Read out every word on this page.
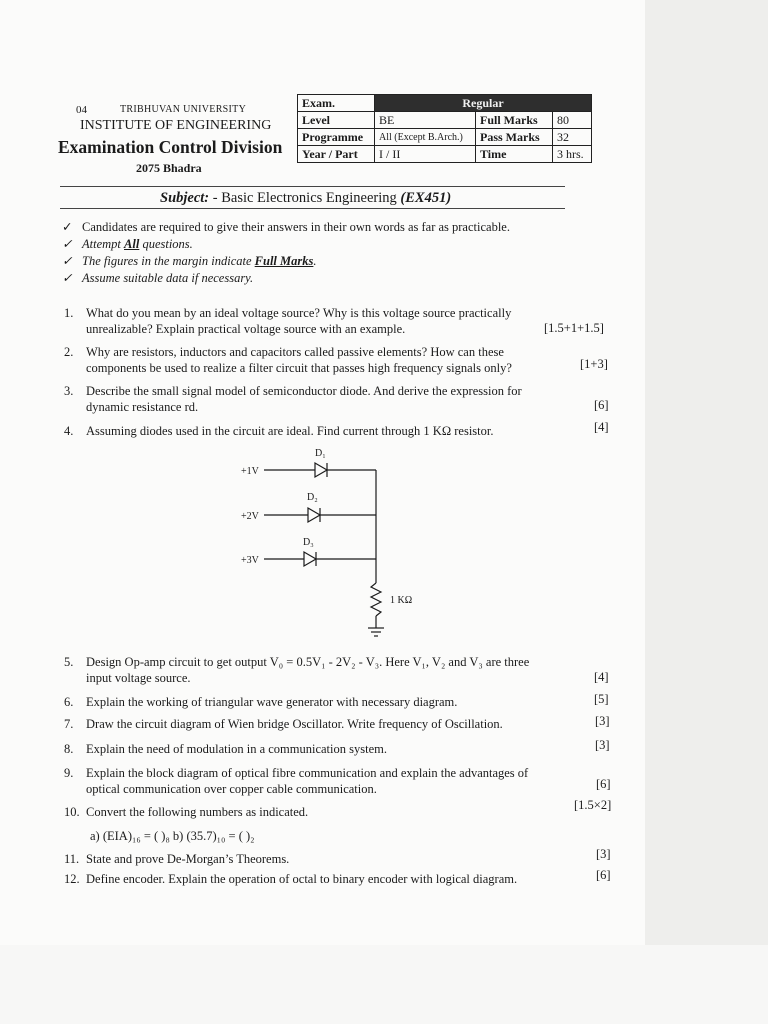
04	TRIBHUVAN UNIVERSITY
INSTITUTE OF ENGINEERING
Examination Control Division
2075 Bhadra
Exam.	Regular		
Level	BE	Full Marks	80
Programme	All (Except B.Arch.)	Pass Marks	32
Year / Part	I / II	Time	3 hrs.
Subject: - Basic Electronics Engineering (EX451)
✓ Candidates are required to give their answers in their own words as far as practicable.
✓ Attempt All questions.
✓ The figures in the margin indicate Full Marks.
✓ Assume suitable data if necessary.
1.	What do you mean by an ideal voltage source? Why is this voltage source practically
unrealizable? Explain practical voltage source with an example.	[1.5+1+1.5]
2.	Why are resistors, inductors and capacitors called passive elements? How can these
components be used to realize a filter circuit that passes high frequency signals only?	[1+3]
3.	Describe the small signal model of semiconductor diode. And derive the expression for
dynamic resistance rd.	[6]
4.	Assuming diodes used in the circuit are ideal. Find current through 1 KΩ resistor.	[4]
D₁
D₂
D₃
+1V
+2V
+3V
1 KΩ
5.	Design Op-amp circuit to get output V₀ = 0.5V₁ - 2V₂ - V₃. Here V₁, V₂ and V₃ are three
input voltage source.	[4]
6.	Explain the working of triangular wave generator with necessary diagram.	[5]
7.	Draw the circuit diagram of Wien bridge Oscillator. Write frequency of Oscillation.	[3]
8.	Explain the need of modulation in a communication system.	[3]
9.	Explain the block diagram of optical fibre communication and explain the advantages of
optical communication over copper cable communication.	[6]
10. Convert the following numbers as indicated.
a) (EIA)₁₆ = ( )₈ b) (35.7)₁₀ = ( )₂
[1.5×2]
11. State and prove De-Morgan’s Theorems.	[3]
12. Define encoder. Explain the operation of octal to binary encoder with logical diagram.	[6]
